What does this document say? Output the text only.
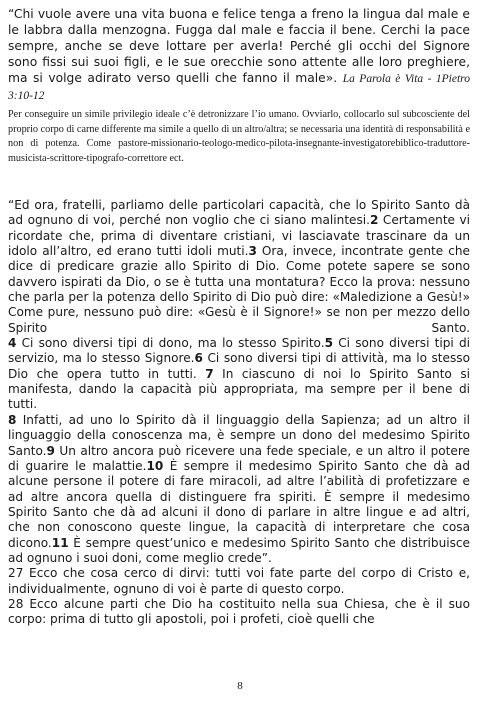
“Chi vuole avere una vita buona e felice tenga a freno la lingua dal male e le labbra dalla menzogna. Fugga dal male e faccia il bene. Cerchi la pace sempre, anche se deve lottare per averla! Perché gli occhi del Signore sono fissi sui suoi figli, e le sue orecchie sono attente alle loro preghiere, ma si volge adirato verso quelli che fanno il male». La Parola è Vita - 1Pietro 3:10-12
Per conseguire un simile privilegio ideale c’è detronizzare l’io umano. Ovviarlo, collocarlo sul subcosciente del proprio corpo di carne differente ma simile a quello di un altro/altra; se necessaria una identità di responsabilità e non di potenza. Come pastore-missionario-teologo-medico-pilota-insegnante-investigatorebiblico-traduttore-musicista-scrittore-tipografo-correttore ect.

“Ed ora, fratelli, parliamo delle particolari capacità, che lo Spirito Santo dà ad ognuno di voi, perché non voglio che ci siano malintesi.2 Certamente vi ricordate che, prima di diventare cristiani, vi lasciavate trascinare da un idolo all’altro, ed erano tutti idoli muti.3 Ora, invece, incontrate gente che dice di predicare grazie allo Spirito di Dio. Come potete sapere se sono davvero ispirati da Dio, o se è tutta una montatura? Ecco la prova: nessuno che parla per la potenza dello Spirito di Dio può dire: «Maledizione a Gesù!» Come pure, nessuno può dire: «Gesù è il Signore!» se non per mezzo dello Spirito	Santo.

4 Ci sono diversi tipi di dono, ma lo stesso Spirito.5 Ci sono diversi tipi di servizio, ma lo stesso Signore.6 Ci sono diversi tipi di attività, ma lo stesso Dio che opera tutto in tutti. 7 In ciascuno di noi lo Spirito Santo si manifesta, dando la capacità più appropriata, ma sempre per il bene di tutti.

8 Infatti, ad uno lo Spirito dà il linguaggio della Sapienza; ad un altro il linguaggio della conoscenza ma, è sempre un dono del medesimo Spirito Santo.9 Un altro ancora può ricevere una fede speciale, e un altro il potere di guarire le malattie.10 È sempre il medesimo Spirito Santo che dà ad alcune persone il potere di fare miracoli, ad altre l’abilità di profetizzare e ad altre ancora quella di distinguere fra spiriti. È sempre il medesimo Spirito Santo che dà ad alcuni il dono di parlare in altre lingue e ad altri, che non conoscono queste lingue, la capacità di interpretare che cosa dicono.11 È sempre quest’unico e medesimo Spirito Santo che distribuisce ad ognuno i suoi doni, come meglio crede”.

27 Ecco che cosa cerco di dirvi: tutti voi fate parte del corpo di Cristo e, individualmente, ognuno di voi è parte di questo corpo.

28 Ecco alcune parti che Dio ha costituito nella sua Chiesa, che è il suo corpo: prima di tutto gli apostoli, poi i profeti, cioè quelli che

8
